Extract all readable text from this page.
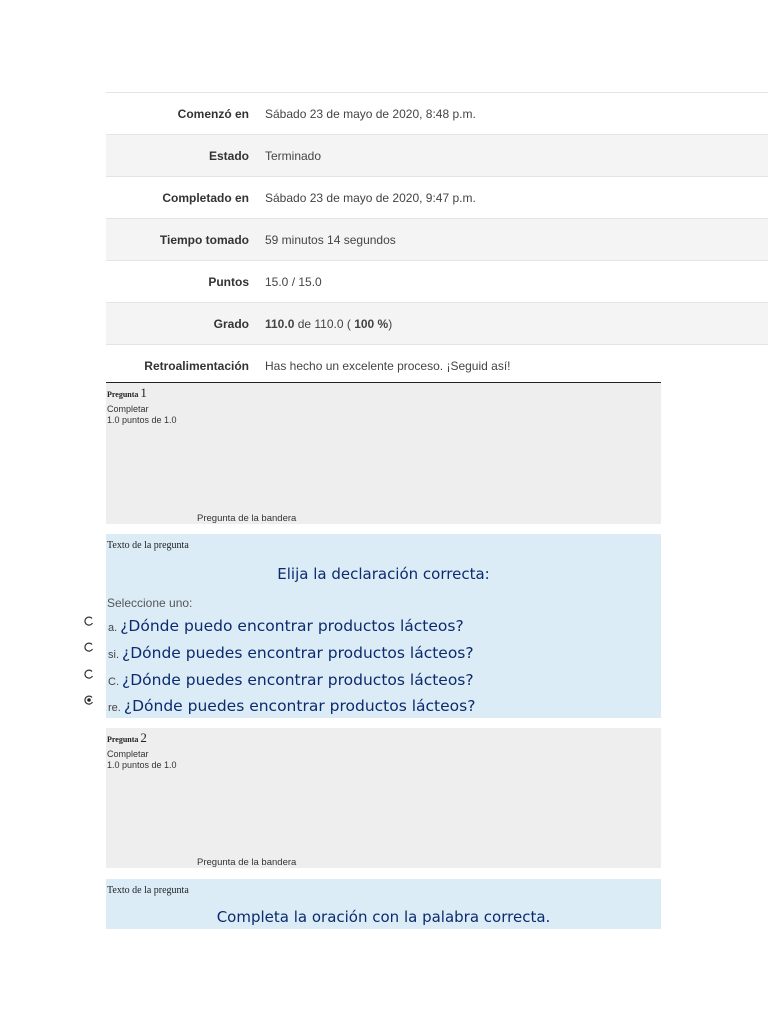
Comenzó en	Sábado 23 de mayo de 2020, 8:48 p.m.
Estado	Terminado
Completado en	Sábado 23 de mayo de 2020, 9:47 p.m.
Tiempo tomado	59 minutos 14 segundos
Puntos	15.0 / 15.0
Grado	110.0 de 110.0 ( 100 %)
Retroalimentación	Has hecho un excelente proceso. ¡Seguid así!
Pregunta 1
Completar
1.0 puntos de 1.0
Pregunta de la bandera
Texto de la pregunta
Elija la declaración correcta:
Seleccione uno:
a. ¿Dónde puedo encontrar productos lácteos?
si. ¿Dónde puedes encontrar productos lácteos?
C. ¿Dónde puedes encontrar productos lácteos?
re. ¿Dónde puedes encontrar productos lácteos?
Pregunta 2
Completar
1.0 puntos de 1.0
Pregunta de la bandera
Texto de la pregunta
Completa la oración con la palabra correcta.
